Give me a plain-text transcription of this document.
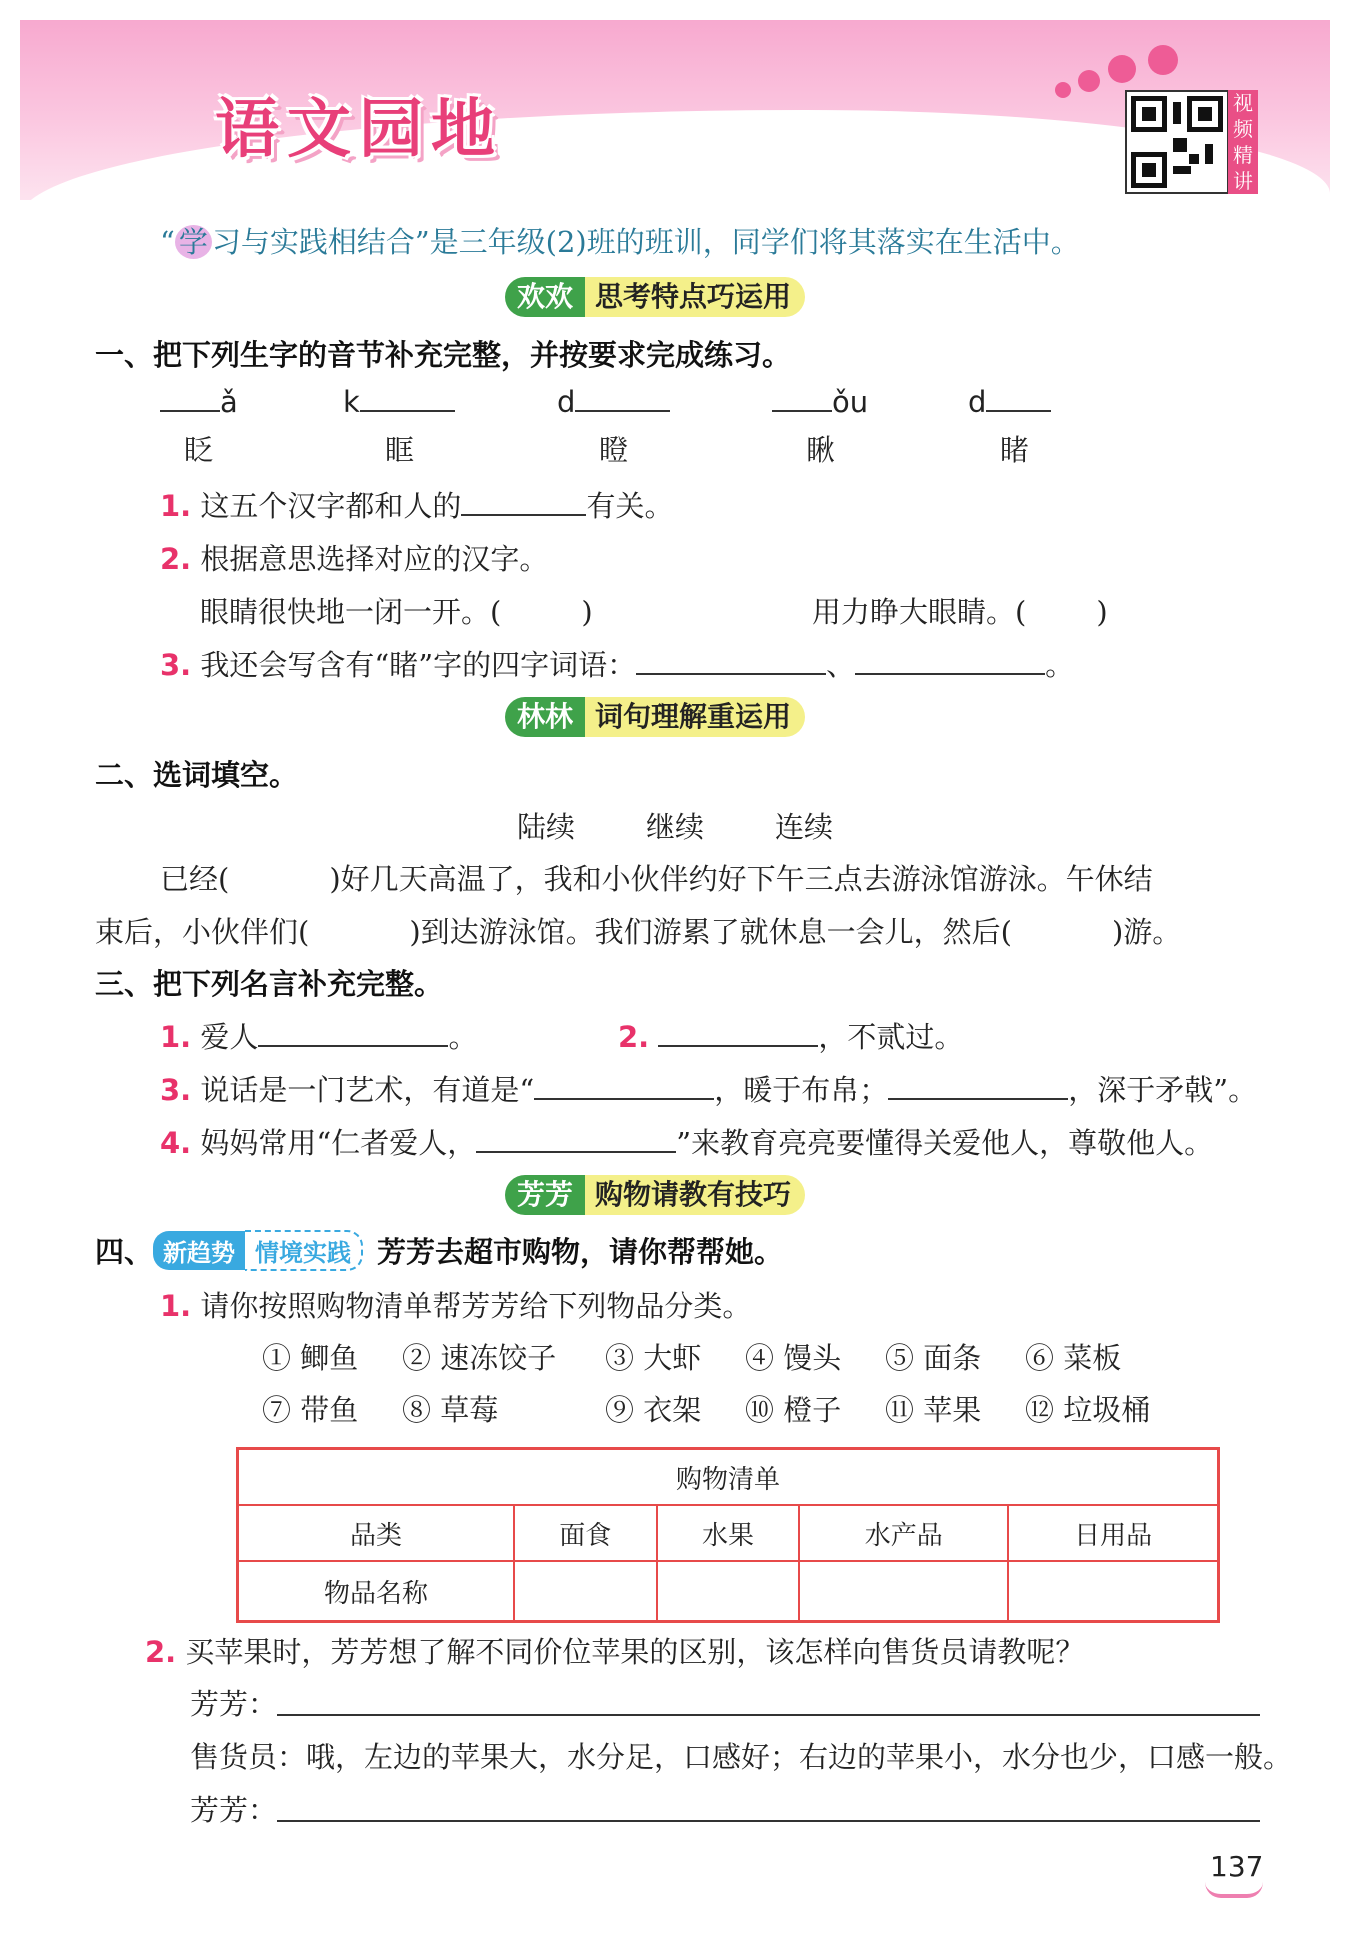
语文园地	视频精讲
“ 学 习与实践相结合”是三年级(2)班的班训，同学们将其落实在生活中。
欢欢 思考特点巧运用
一、把下列生字的音节补充完整，并按要求完成练习。
ǎ
眨
k
眶
d
瞪
ǒu
瞅
d
睹
1. 这五个汉字都和人的	有关。
2. 根据意思选择对应的汉字。
眼睛很快地一闭一开。(	)	用力睁大眼睛。( )
3. 我还会写含有“睹”字的四字词语：	、	。
林林 词句理解重运用
二、选词填空。
陆续 继续 连续
已经(	)好几天高温了，我和小伙伴约好下午三点去游泳馆游泳。午休结
束后，小伙伴们(	)到达游泳馆。我们游累了就休息一会儿，然后(	)游。
三、把下列名言补充完整。
1. 爱人	。	2.	，不贰过。
3. 说话是一门艺术，有道是“	，暖于布帛；	，深于矛戟”。
4. 妈妈常用“仁者爱人，	”来教育亮亮要懂得关爱他人，尊敬他人。
芳芳 购物请教有技巧
四、 新趋势 情境实践 芳芳去超市购物，请你帮帮她。
1. 请你按照购物清单帮芳芳给下列物品分类。
① 鲫鱼 ② 速冻饺子 ③ 大虾 ④ 馒头 ⑤ 面条 ⑥ 菜板
⑦ 带鱼 ⑧ 草莓	⑨ 衣架 ⑩ 橙子 ⑪ 苹果 ⑫ 垃圾桶
购物清单				
品类	面食	水果	水产品	日用品
物品名称				
2. 买苹果时，芳芳想了解不同价位苹果的区别，该怎样向售货员请教呢？
芳芳：
售货员：哦，左边的苹果大，水分足，口感好；右边的苹果小，水分也少，口感一般。
芳芳：
137
